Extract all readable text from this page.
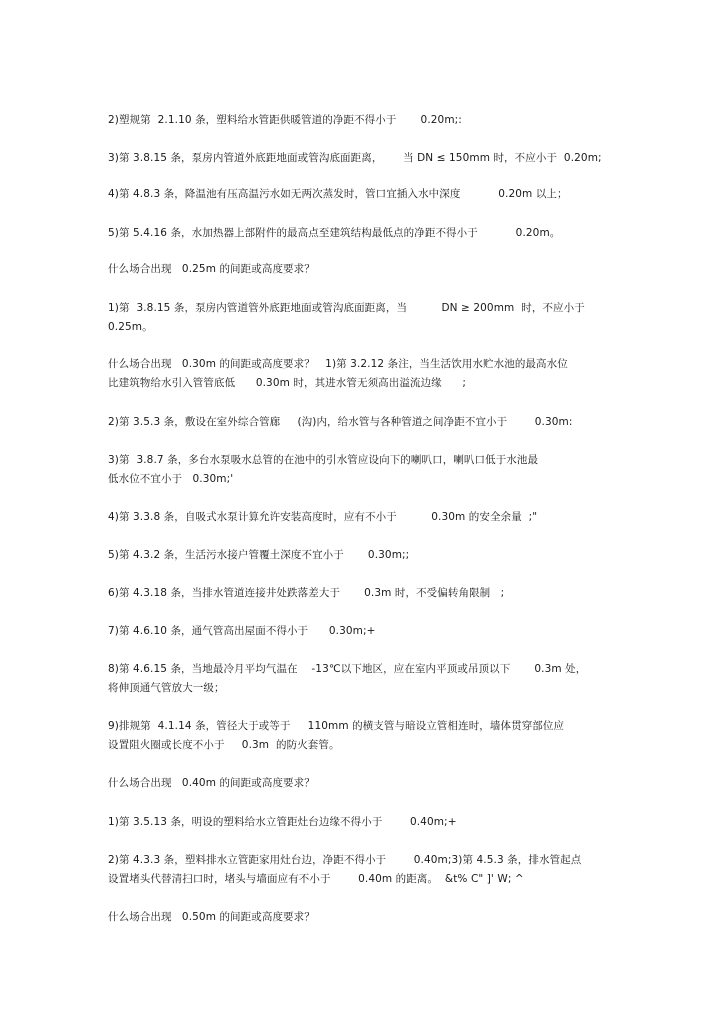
2)塑规第  2.1.10 条，塑料给水管距供暖管道的净距不得小于       0.20m;:
3)第 3.8.15 条，泵房内管道外底距地面或管沟底面距离，      当 DN ≤ 150mm 时，不应小于  0.20m;
4)第 4.8.3 条，降温池有压高温污水如无两次蒸发时，管口宜插入水中深度           0.20m 以上；
5)第 5.4.16 条，水加热器上部附件的最高点至建筑结构最低点的净距不得小于           0.20m。
什么场合出现   0.25m 的间距或高度要求？
1)第  3.8.15 条，泵房内管道管外底距地面或管沟底面距离，当          DN ≥ 200mm  时，不应小于
0.25m。
什么场合出现   0.30m 的间距或高度要求？   1)第 3.2.12 条注，当生活饮用水贮水池的最高水位
比建筑物给水引入管管底低      0.30m 时，其进水管无须高出溢流边缘      ;
2)第 3.5.3 条，敷设在室外综合管廊     (沟)内，给水管与各种管道之间净距不宜小于        0.30m:
3)第  3.8.7 条，多台水泵吸水总管的在池中的引水管应设向下的喇叭口，喇叭口低于水池最
低水位不宜小于   0.30m;'
4)第 3.3.8 条，自吸式水泵计算允许安装高度时，应有不小于          0.30m 的安全余量  ;"
5)第 4.3.2 条，生活污水接户管覆土深度不宜小于       0.30m;;
6)第 4.3.18 条，当排水管道连接井处跌落差大于       0.3m 时，不受偏转角限制   ;
7)第 4.6.10 条，通气管高出屋面不得小于      0.30m;+
8)第 4.6.15 条，当地最冷月平均气温在    -13℃以下地区，应在室内平顶或吊顶以下       0.3m 处，
将伸顶通气管放大一级；
9)排规第  4.1.14 条，管径大于或等于     110mm 的横支管与暗设立管相连时，墙体贯穿部位应
设置阻火圈或长度不小于     0.3m  的防火套管。
什么场合出现   0.40m 的间距或高度要求？
1)第 3.5.13 条，明设的塑料给水立管距灶台边缘不得小于        0.40m;+
2)第 4.3.3 条，塑料排水立管距家用灶台边，净距不得小于        0.40m;3)第 4.5.3 条，排水管起点
设置堵头代替清扫口时，堵头与墙面应有不小于        0.40m 的距离。  &t% C" ]' W; ^
什么场合出现   0.50m 的间距或高度要求？
